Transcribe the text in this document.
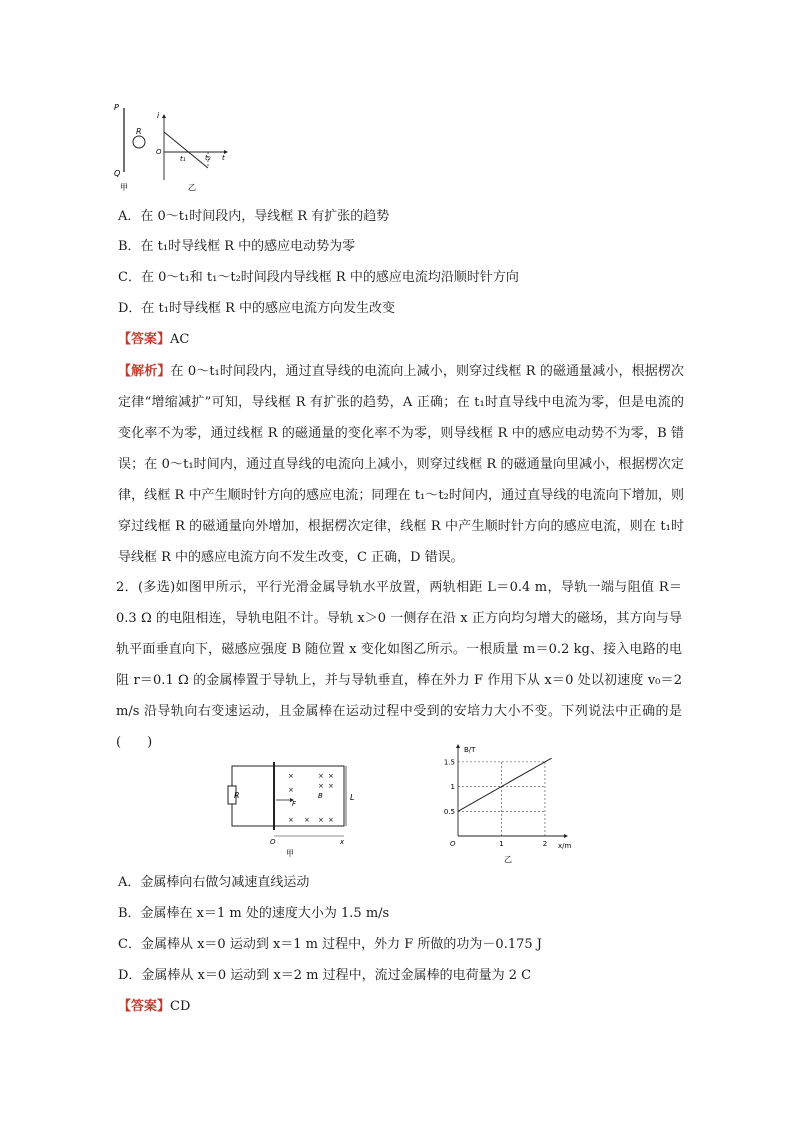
P
Q
R
i
O
t₁	t₂ t
甲	乙
A．在 0～t₁时间段内，导线框 R 有扩张的趋势
B．在 t₁时导线框 R 中的感应电动势为零
C．在 0～t₁和 t₁～t₂时间段内导线框 R 中的感应电流均沿顺时针方向
D．在 t₁时导线框 R 中的感应电流方向发生改变
【答案】AC
【解析】在 0～t₁时间段内，通过直导线的电流向上减小，则穿过线框 R 的磁通量减小，根据楞次定律“增缩减扩”可知，导线框 R 有扩张的趋势，A 正确；在 t₁时直导线中电流为零，但是电流的变化率不为零，通过线框 R 的磁通量的变化率不为零，则导线框 R 中的感应电动势不为零，B 错误；在 0～t₁时间内，通过直导线的电流向上减小，则穿过线框 R 的磁通量向里减小，根据楞次定律，线框 R 中产生顺时针方向的感应电流；同理在 t₁～t₂时间内，通过直导线的电流向下增加，则穿过线框 R 的磁通量向外增加，根据楞次定律，线框 R 中产生顺时针方向的感应电流，则在 t₁时导线框 R 中的感应电流方向不发生改变，C 正确，D 错误。
2．(多选)如图甲所示，平行光滑金属导轨水平放置，两轨相距 L＝0.4 m，导轨一端与阻值 R＝0.3 Ω 的电阻相连，导轨电阻不计。导轨 x＞0 一侧存在沿 x 正方向均匀增大的磁场，其方向与导轨平面垂直向下，磁感应强度 B 随位置 x 变化如图乙所示。一根质量 m＝0.2 kg、接入电路的电阻 r＝0.1 Ω 的金属棒置于导轨上，并与导轨垂直，棒在外力 F 作用下从 x＝0 处以初速度 v₀＝2 m/s 沿导轨向右变速运动，且金属棒在运动过程中受到的安培力大小不变。下列说法中正确的是(　　)
R
×	× ×
×	× ×
× × × ×
F
B	L
O	x
甲
B/T
x/m
O
0.5
1
1.5
1	2
乙
A．金属棒向右做匀减速直线运动
B．金属棒在 x＝1 m 处的速度大小为 1.5 m/s
C．金属棒从 x＝0 运动到 x＝1 m 过程中，外力 F 所做的功为－0.175 J
D．金属棒从 x＝0 运动到 x＝2 m 过程中，流过金属棒的电荷量为 2 C
【答案】CD
